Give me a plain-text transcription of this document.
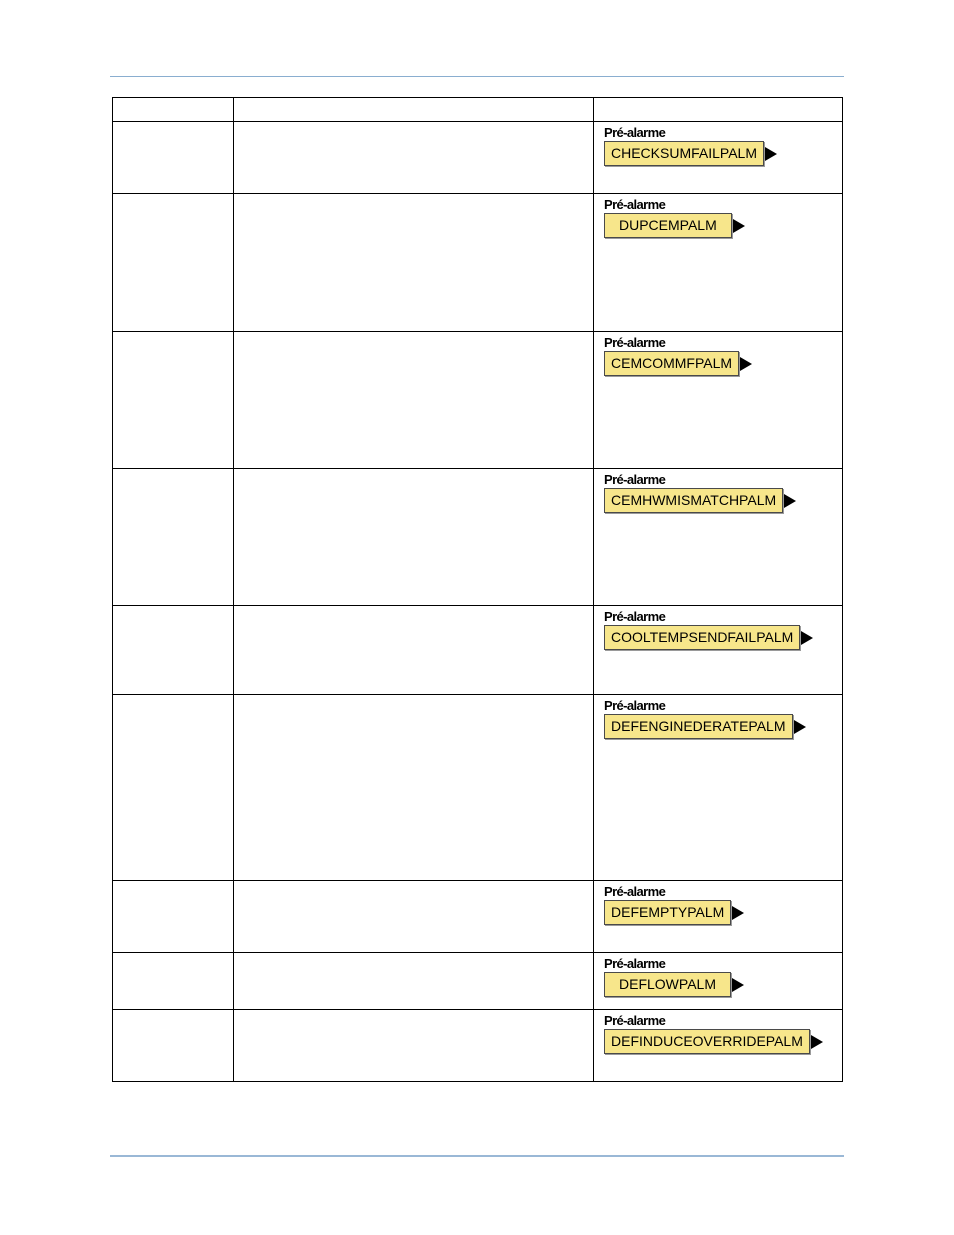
		Pré-alarme
CHECKSUMFAILPALM

		Pré-alarme
DUPCEMPALM

		Pré-alarme
CEMCOMMFPALM

		Pré-alarme
CEMHWMISMATCHPALM

		Pré-alarme
COOLTEMPSENDFAILPALM

		Pré-alarme
DEFENGINEDERATEPALM

		Pré-alarme
DEFEMPTYPALM

		Pré-alarme
DEFLOWPALM

		Pré-alarme
DEFINDUCEOVERRIDEPALM
